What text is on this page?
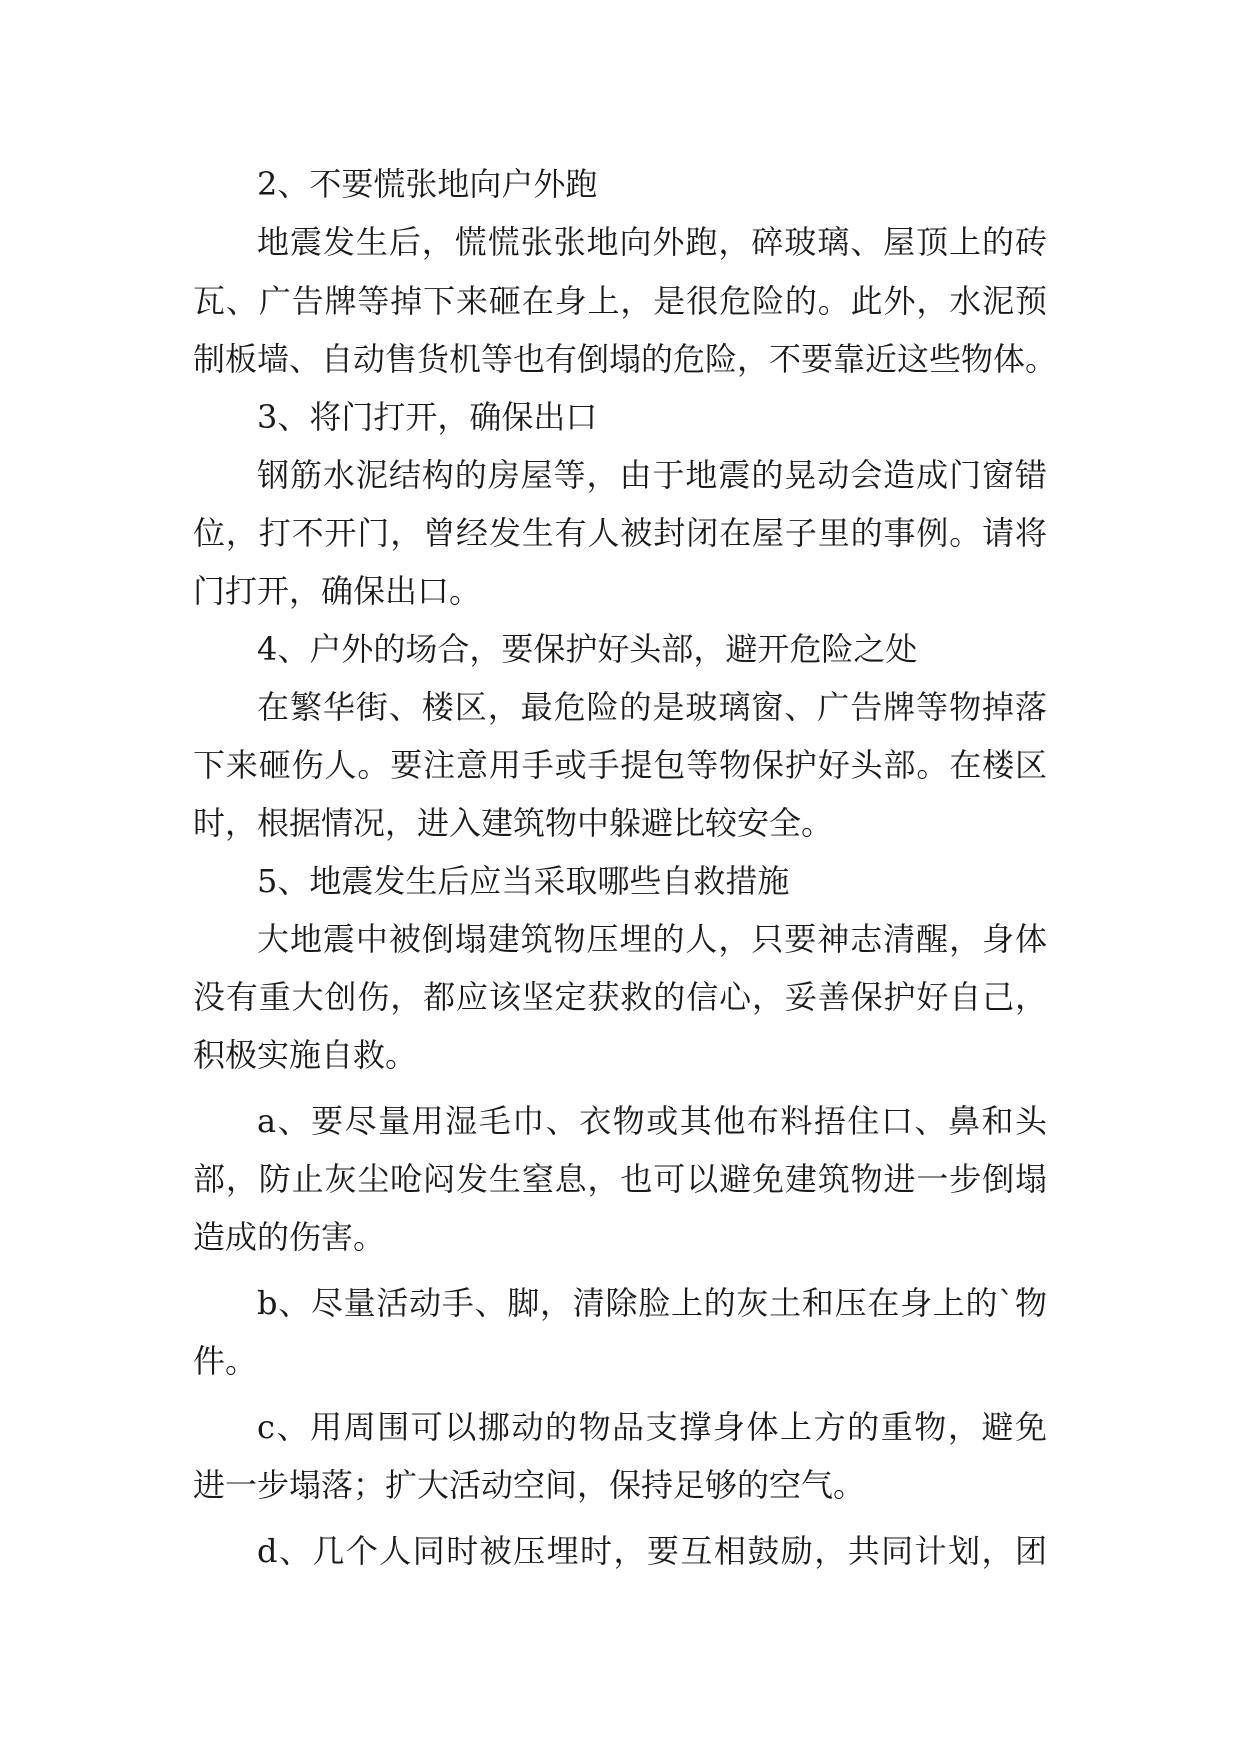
2、不要慌张地向户外跑
地震发生后，慌慌张张地向外跑，碎玻璃、屋顶上的砖
瓦、广告牌等掉下来砸在身上，是很危险的。此外，水泥预
制板墙、自动售货机等也有倒塌的危险，不要靠近这些物体。
3、将门打开，确保出口
钢筋水泥结构的房屋等，由于地震的晃动会造成门窗错
位，打不开门，曾经发生有人被封闭在屋子里的事例。请将
门打开，确保出口。
4、户外的场合，要保护好头部，避开危险之处
在繁华街、楼区，最危险的是玻璃窗、广告牌等物掉落
下来砸伤人。要注意用手或手提包等物保护好头部。在楼区
时，根据情况，进入建筑物中躲避比较安全。
5、地震发生后应当采取哪些自救措施
大地震中被倒塌建筑物压埋的人，只要神志清醒，身体
没有重大创伤，都应该坚定获救的信心，妥善保护好自己，
积极实施自救。
a、要尽量用湿毛巾、衣物或其他布料捂住口、鼻和头
部，防止灰尘呛闷发生窒息，也可以避免建筑物进一步倒塌
造成的伤害。
b、尽量活动手、脚，清除脸上的灰土和压在身上的`物
件。
c、用周围可以挪动的物品支撑身体上方的重物，避免
进一步塌落；扩大活动空间，保持足够的空气。
d、几个人同时被压埋时，要互相鼓励，共同计划，团
